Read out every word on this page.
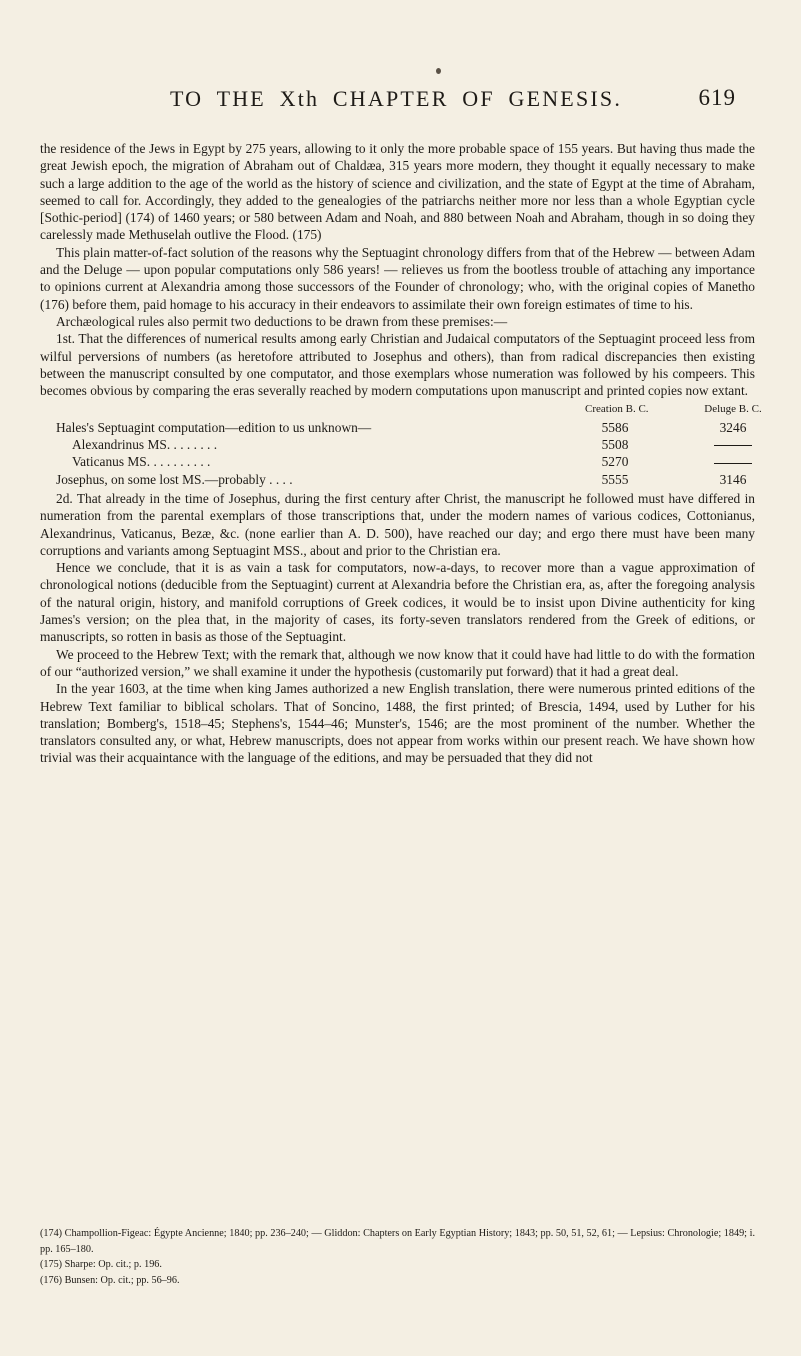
TO THE Xth CHAPTER OF GENESIS.	619

the residence of the Jews in Egypt by 275 years, allowing to it only the more probable space of 155 years. But having thus made the great Jewish epoch, the migration of Abraham out of Chaldæa, 315 years more modern, they thought it equally necessary to make such a large addition to the age of the world as the history of science and civilization, and the state of Egypt at the time of Abraham, seemed to call for. Accordingly, they added to the genealogies of the patriarchs neither more nor less than a whole Egyptian cycle [Sothic-period] (174) of 1460 years; or 580 between Adam and Noah, and 880 between Noah and Abraham, though in so doing they carelessly made Methuselah outlive the Flood. (175)

This plain matter-of-fact solution of the reasons why the Septuagint chronology differs from that of the Hebrew — between Adam and the Deluge — upon popular computations only 586 years! — relieves us from the bootless trouble of attaching any importance to opinions current at Alexandria among those successors of the Founder of chronology; who, with the original copies of Manetho (176) before them, paid homage to his accuracy in their endeavors to assimilate their own foreign estimates of time to his.

Archæological rules also permit two deductions to be drawn from these premises:—

1st. That the differences of numerical results among early Christian and Judaical computators of the Septuagint proceed less from wilful perversions of numbers (as heretofore attributed to Josephus and others), than from radical discrepancies then existing between the manuscript consulted by one computator, and those exemplars whose numeration was followed by his compeers. This becomes obvious by comparing the eras severally reached by modern computations upon manuscript and printed copies now extant.

Creation B. C.	Deluge B. C.
Hales's Septuagint computation—edition to us unknown—	5586	3246
Alexandrinus MS. . . . . . . .	5508
Vaticanus MS. . . . . . . . . .	5270
Josephus, on some lost MS.—probably . . . .	5555	3146

2d. That already in the time of Josephus, during the first century after Christ, the manuscript he followed must have differed in numeration from the parental exemplars of those transcriptions that, under the modern names of various codices, Cottonianus, Alexandrinus, Vaticanus, Bezæ, &c. (none earlier than A. D. 500), have reached our day; and ergo there must have been many corruptions and variants among Septuagint MSS., about and prior to the Christian era.

Hence we conclude, that it is as vain a task for computators, now-a-days, to recover more than a vague approximation of chronological notions (deducible from the Septuagint) current at Alexandria before the Christian era, as, after the foregoing analysis of the natural origin, history, and manifold corruptions of Greek codices, it would be to insist upon Divine authenticity for king James's version; on the plea that, in the majority of cases, its forty-seven translators rendered from the Greek of editions, or manuscripts, so rotten in basis as those of the Septuagint.

We proceed to the Hebrew Text; with the remark that, although we now know that it could have had little to do with the formation of our “authorized version,” we shall examine it under the hypothesis (customarily put forward) that it had a great deal.

In the year 1603, at the time when king James authorized a new English translation, there were numerous printed editions of the Hebrew Text familiar to biblical scholars. That of Soncino, 1488, the first printed; of Brescia, 1494, used by Luther for his translation; Bomberg's, 1518–45; Stephens's, 1544–46; Munster's, 1546; are the most prominent of the number. Whether the translators consulted any, or what, Hebrew manuscripts, does not appear from works within our present reach. We have shown how trivial was their acquaintance with the language of the editions, and may be persuaded that they did not

(174) Champollion-Figeac: Égypte Ancienne; 1840; pp. 236–240; — Gliddon: Chapters on Early Egyptian History; 1843; pp. 50, 51, 52, 61; — Lepsius: Chronologie; 1849; i. pp. 165–180.
(175) Sharpe: Op. cit.; p. 196.
(176) Bunsen: Op. cit.; pp. 56–96.
